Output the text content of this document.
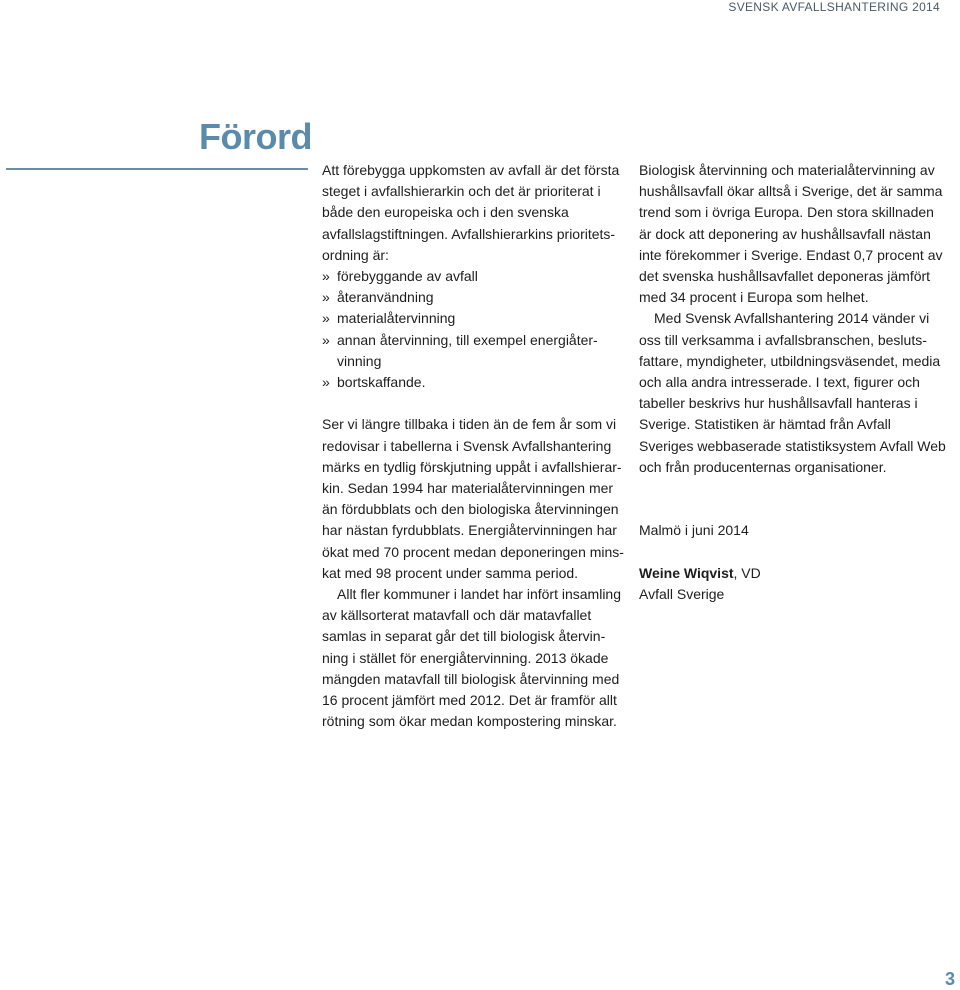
SVENSK AVFALLSHANTERING 2014
Förord
Att förebygga uppkomsten av avfall är det första
steget i avfallshierarkin och det är prioriterat i
både den europeiska och i den svenska
avfallslagstiftningen. Avfallshierarkins prioritets-
ordning är:
» förebyggande av avfall
» återanvändning
» materialåtervinning
» annan återvinning, till exempel energiåter-
vinning
» bortskaffande.
Ser vi längre tillbaka i tiden än de fem år som vi
redovisar i tabellerna i Svensk Avfallshantering
märks en tydlig förskjutning uppåt i avfallshierar-
kin. Sedan 1994 har materialåtervinningen mer
än fördubblats och den biologiska återvinningen
har nästan fyrdubblats. Energiåtervinningen har
ökat med 70 procent medan deponeringen mins-
kat med 98 procent under samma period.
Allt fler kommuner i landet har infört insamling
av källsorterat matavfall och där matavfallet
samlas in separat går det till biologisk återvin-
ning i stället för energiåtervinning. 2013 ökade
mängden matavfall till biologisk återvinning med
16 procent jämfört med 2012. Det är framför allt
rötning som ökar medan kompostering minskar.
Biologisk återvinning och materialåtervinning av
hushållsavfall ökar alltså i Sverige, det är samma
trend som i övriga Europa. Den stora skillnaden
är dock att deponering av hushållsavfall nästan
inte förekommer i Sverige. Endast 0,7 procent av
det svenska hushållsavfallet deponeras jämfört
med 34 procent i Europa som helhet.
Med Svensk Avfallshantering 2014 vänder vi
oss till verksamma i avfallsbranschen, besluts-
fattare, myndigheter, utbildningsväsendet, media
och alla andra intresserade. I text, figurer och
tabeller beskrivs hur hushållsavfall hanteras i
Sverige. Statistiken är hämtad från Avfall
Sveriges webbaserade statistiksystem Avfall Web
och från producenternas organisationer.
Malmö i juni 2014
Weine Wiqvist, VD
Avfall Sverige
3
